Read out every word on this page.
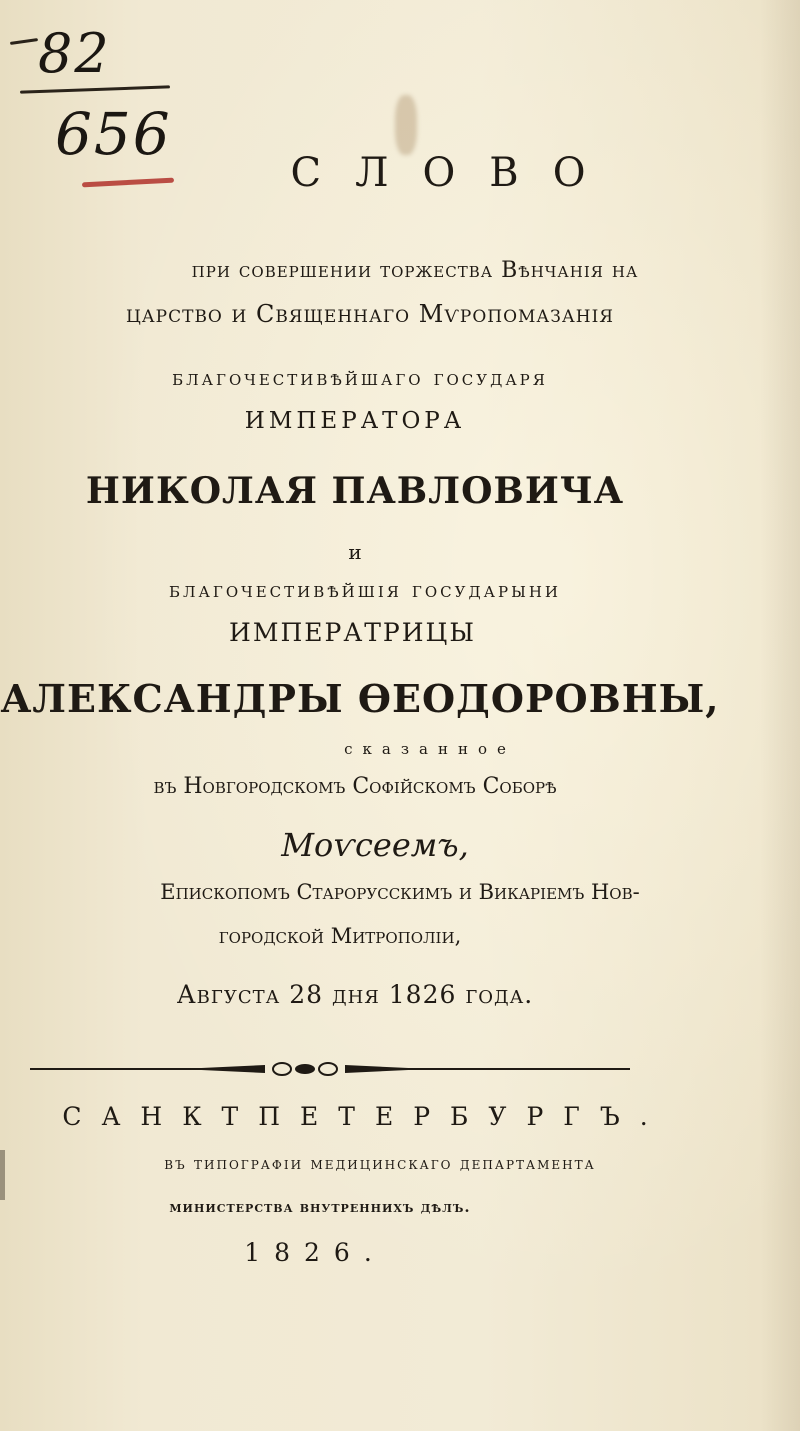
82
656
СЛОВО
при совершении торжества Вѣнчанія на
царство и Священнаго Мѵропомазанія
благочестивѣйшаго государя
ИМПЕРАТОРА
НИКОЛАЯ ПАВЛОВИЧА
и
благочестивѣйшія государыни
ИМПЕРАТРИЦЫ
АЛЕКСАНДРЫ ѲЕОДОРОВНЫ,
сказанное
въ Новгородскомъ Софійскомъ Соборѣ
Моѵсеемъ,
Епископомъ Старорусскимъ и Викаріемъ Нов-
городской Митрополіи,
Августа 28 дня 1826 года.
САНКТПЕТЕРБУРГЪ.
въ типографіи медицинскаго департамента
министерства внутреннихъ дѣлъ.
1826.
